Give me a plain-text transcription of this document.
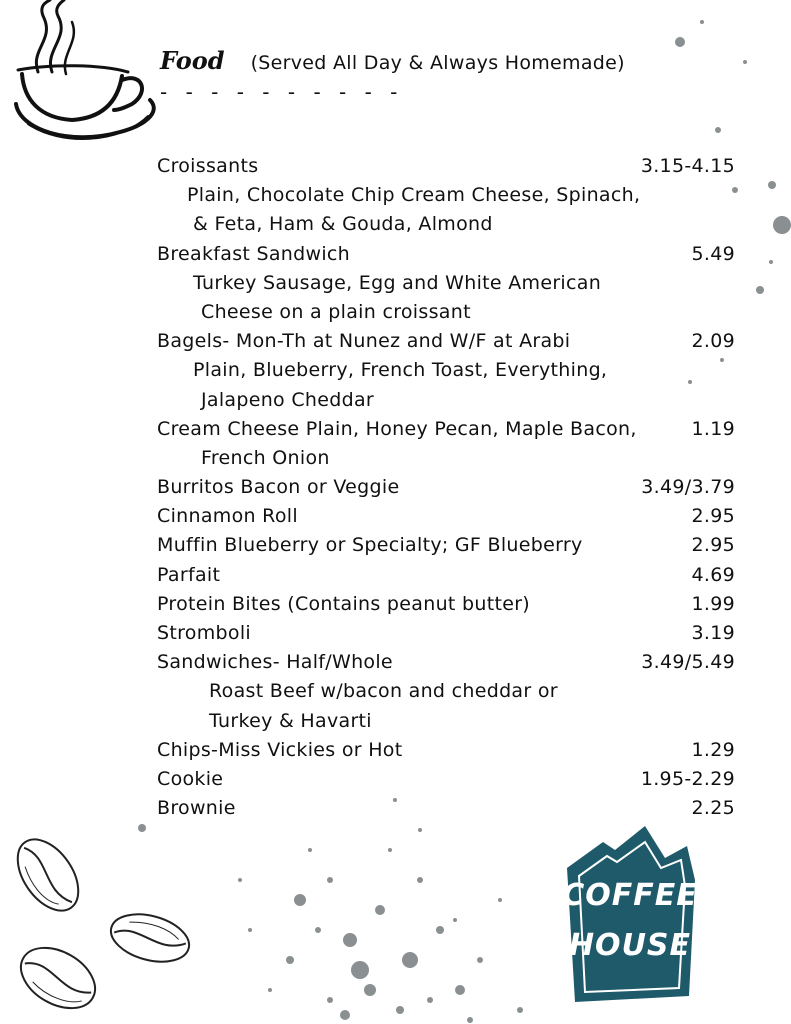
Food (Served All Day & Always Homemade)
- - - - - - - - - -
Croissants	3.15-4.15
Plain, Chocolate Chip Cream Cheese, Spinach,
& Feta, Ham & Gouda, Almond
Breakfast Sandwich	5.49
Turkey Sausage, Egg and White American
Cheese on a plain croissant
Bagels- Mon-Th at Nunez and W/F at Arabi	2.09
Plain, Blueberry, French Toast, Everything,
Jalapeno Cheddar
Cream Cheese Plain, Honey Pecan, Maple Bacon,	1.19
French Onion
Burritos Bacon or Veggie	3.49/3.79
Cinnamon Roll	2.95
Muffin Blueberry or Specialty; GF Blueberry	2.95
Parfait	4.69
Protein Bites (Contains peanut butter)	1.99
Stromboli	3.19
Sandwiches- Half/Whole	3.49/5.49
Roast Beef w/bacon and cheddar or
Turkey & Havarti
Chips-Miss Vickies or Hot	1.29
Cookie	1.95-2.29
Brownie	2.25
COFFEE
HOUSE
